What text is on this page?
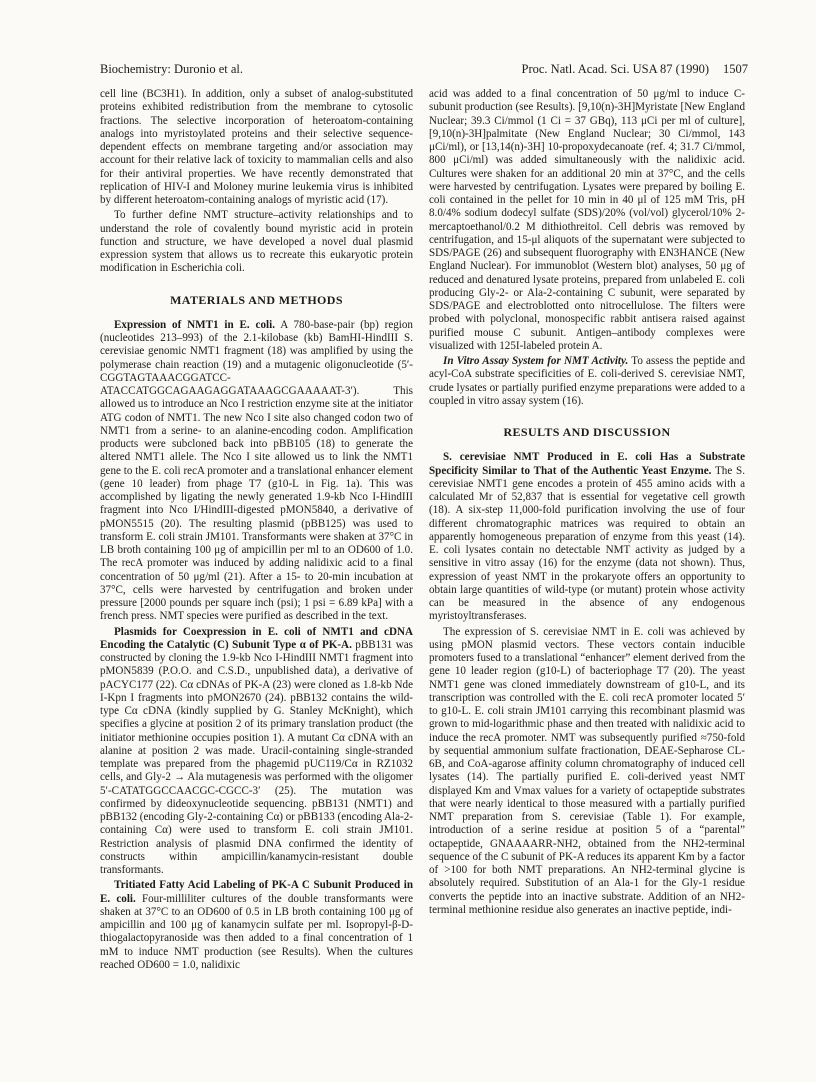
Biochemistry: Duronio et al.	Proc. Natl. Acad. Sci. USA 87 (1990) 1507

cell line (BC3H1). In addition, only a subset of analog-substituted proteins exhibited redistribution from the membrane to cytosolic fractions. The selective incorporation of heteroatom-containing analogs into myristoylated proteins and their selective sequence-dependent effects on membrane targeting and/or association may account for their relative lack of toxicity to mammalian cells and also for their antiviral properties. We have recently demonstrated that replication of HIV-I and Moloney murine leukemia virus is inhibited by different heteroatom-containing analogs of myristic acid (17).

To further define NMT structure–activity relationships and to understand the role of covalently bound myristic acid in protein function and structure, we have developed a novel dual plasmid expression system that allows us to recreate this eukaryotic protein modification in Escherichia coli.

MATERIALS AND METHODS

Expression of NMT1 in E. coli. A 780-base-pair (bp) region (nucleotides 213–993) of the 2.1-kilobase (kb) BamHI-HindIII S. cerevisiae genomic NMT1 fragment (18) was amplified by using the polymerase chain reaction (19) and a mutagenic oligonucleotide (5′-CGGTAGTAAACGGATCC-ATACCATGGCAGAAGAGGATAAAGCGAAAAAT-3′). This allowed us to introduce an Nco I restriction enzyme site at the initiator ATG codon of NMT1. The new Nco I site also changed codon two of NMT1 from a serine- to an alanine-encoding codon. Amplification products were subcloned back into pBB105 (18) to generate the altered NMT1 allele. The Nco I site allowed us to link the NMT1 gene to the E. coli recA promoter and a translational enhancer element (gene 10 leader) from phage T7 (g10-L in Fig. 1a). This was accomplished by ligating the newly generated 1.9-kb Nco I-HindIII fragment into Nco I/HindIII-digested pMON5840, a derivative of pMON5515 (20). The resulting plasmid (pBB125) was used to transform E. coli strain JM101. Transformants were shaken at 37°C in LB broth containing 100 μg of ampicillin per ml to an OD600 of 1.0. The recA promoter was induced by adding nalidixic acid to a final concentration of 50 μg/ml (21). After a 15- to 20-min incubation at 37°C, cells were harvested by centrifugation and broken under pressure [2000 pounds per square inch (psi); 1 psi = 6.89 kPa] with a french press. NMT species were purified as described in the text.

Plasmids for Coexpression in E. coli of NMT1 and cDNA Encoding the Catalytic (C) Subunit Type α of PK-A. pBB131 was constructed by cloning the 1.9-kb Nco I-HindIII NMT1 fragment into pMON5839 (P.O.O. and C.S.D., unpublished data), a derivative of pACYC177 (22). Cα cDNAs of PK-A (23) were cloned as 1.8-kb Nde I-Kpn I fragments into pMON2670 (24). pBB132 contains the wild-type Cα cDNA (kindly supplied by G. Stanley McKnight), which specifies a glycine at position 2 of its primary translation product (the initiator methionine occupies position 1). A mutant Cα cDNA with an alanine at position 2 was made. Uracil-containing single-stranded template was prepared from the phagemid pUC119/Cα in RZ1032 cells, and Gly-2 → Ala mutagenesis was performed with the oligomer 5′-CATATGGCCAACGC-CGCC-3′ (25). The mutation was confirmed by dideoxynucleotide sequencing. pBB131 (NMT1) and pBB132 (encoding Gly-2-containing Cα) or pBB133 (encoding Ala-2-containing Cα) were used to transform E. coli strain JM101. Restriction analysis of plasmid DNA confirmed the identity of constructs within ampicillin/kanamycin-resistant double transformants.

Tritiated Fatty Acid Labeling of PK-A C Subunit Produced in E. coli. Four-milliliter cultures of the double transformants were shaken at 37°C to an OD600 of 0.5 in LB broth containing 100 μg of ampicillin and 100 μg of kanamycin sulfate per ml. Isopropyl-β-D-thiogalactopyranoside was then added to a final concentration of 1 mM to induce NMT production (see Results). When the cultures reached OD600 = 1.0, nalidixic

acid was added to a final concentration of 50 μg/ml to induce C-subunit production (see Results). [9,10(n)-3H]Myristate [New England Nuclear; 39.3 Ci/mmol (1 Ci = 37 GBq), 113 μCi per ml of culture], [9,10(n)-3H]palmitate (New England Nuclear; 30 Ci/mmol, 143 μCi/ml), or [13,14(n)-3H] 10-propoxydecanoate (ref. 4; 31.7 Ci/mmol, 800 μCi/ml) was added simultaneously with the nalidixic acid. Cultures were shaken for an additional 20 min at 37°C, and the cells were harvested by centrifugation. Lysates were prepared by boiling E. coli contained in the pellet for 10 min in 40 μl of 125 mM Tris, pH 8.0/4% sodium dodecyl sulfate (SDS)/20% (vol/vol) glycerol/10% 2-mercaptoethanol/0.2 M dithiothreitol. Cell debris was removed by centrifugation, and 15-μl aliquots of the supernatant were subjected to SDS/PAGE (26) and subsequent fluorography with EN3HANCE (New England Nuclear). For immunoblot (Western blot) analyses, 50 μg of reduced and denatured lysate proteins, prepared from unlabeled E. coli producing Gly-2- or Ala-2-containing C subunit, were separated by SDS/PAGE and electroblotted onto nitrocellulose. The filters were probed with polyclonal, monospecific rabbit antisera raised against purified mouse C subunit. Antigen–antibody complexes were visualized with 125I-labeled protein A.

In Vitro Assay System for NMT Activity. To assess the peptide and acyl-CoA substrate specificities of E. coli-derived S. cerevisiae NMT, crude lysates or partially purified enzyme preparations were added to a coupled in vitro assay system (16).

RESULTS AND DISCUSSION

S. cerevisiae NMT Produced in E. coli Has a Substrate Specificity Similar to That of the Authentic Yeast Enzyme. The S. cerevisiae NMT1 gene encodes a protein of 455 amino acids with a calculated Mr of 52,837 that is essential for vegetative cell growth (18). A six-step 11,000-fold purification involving the use of four different chromatographic matrices was required to obtain an apparently homogeneous preparation of enzyme from this yeast (14). E. coli lysates contain no detectable NMT activity as judged by a sensitive in vitro assay (16) for the enzyme (data not shown). Thus, expression of yeast NMT in the prokaryote offers an opportunity to obtain large quantities of wild-type (or mutant) protein whose activity can be measured in the absence of any endogenous myristoyltransferases.

The expression of S. cerevisiae NMT in E. coli was achieved by using pMON plasmid vectors. These vectors contain inducible promoters fused to a translational “enhancer” element derived from the gene 10 leader region (g10-L) of bacteriophage T7 (20). The yeast NMT1 gene was cloned immediately downstream of g10-L, and its transcription was controlled with the E. coli recA promoter located 5′ to g10-L. E. coli strain JM101 carrying this recombinant plasmid was grown to mid-logarithmic phase and then treated with nalidixic acid to induce the recA promoter. NMT was subsequently purified ≈750-fold by sequential ammonium sulfate fractionation, DEAE-Sepharose CL-6B, and CoA-agarose affinity column chromatography of induced cell lysates (14). The partially purified E. coli-derived yeast NMT displayed Km and Vmax values for a variety of octapeptide substrates that were nearly identical to those measured with a partially purified NMT preparation from S. cerevisiae (Table 1). For example, introduction of a serine residue at position 5 of a “parental” octapeptide, GNAAAARR-NH2, obtained from the NH2-terminal sequence of the C subunit of PK-A reduces its apparent Km by a factor of >100 for both NMT preparations. An NH2-terminal glycine is absolutely required. Substitution of an Ala-1 for the Gly-1 residue converts the peptide into an inactive substrate. Addition of an NH2-terminal methionine residue also generates an inactive peptide, indi-
